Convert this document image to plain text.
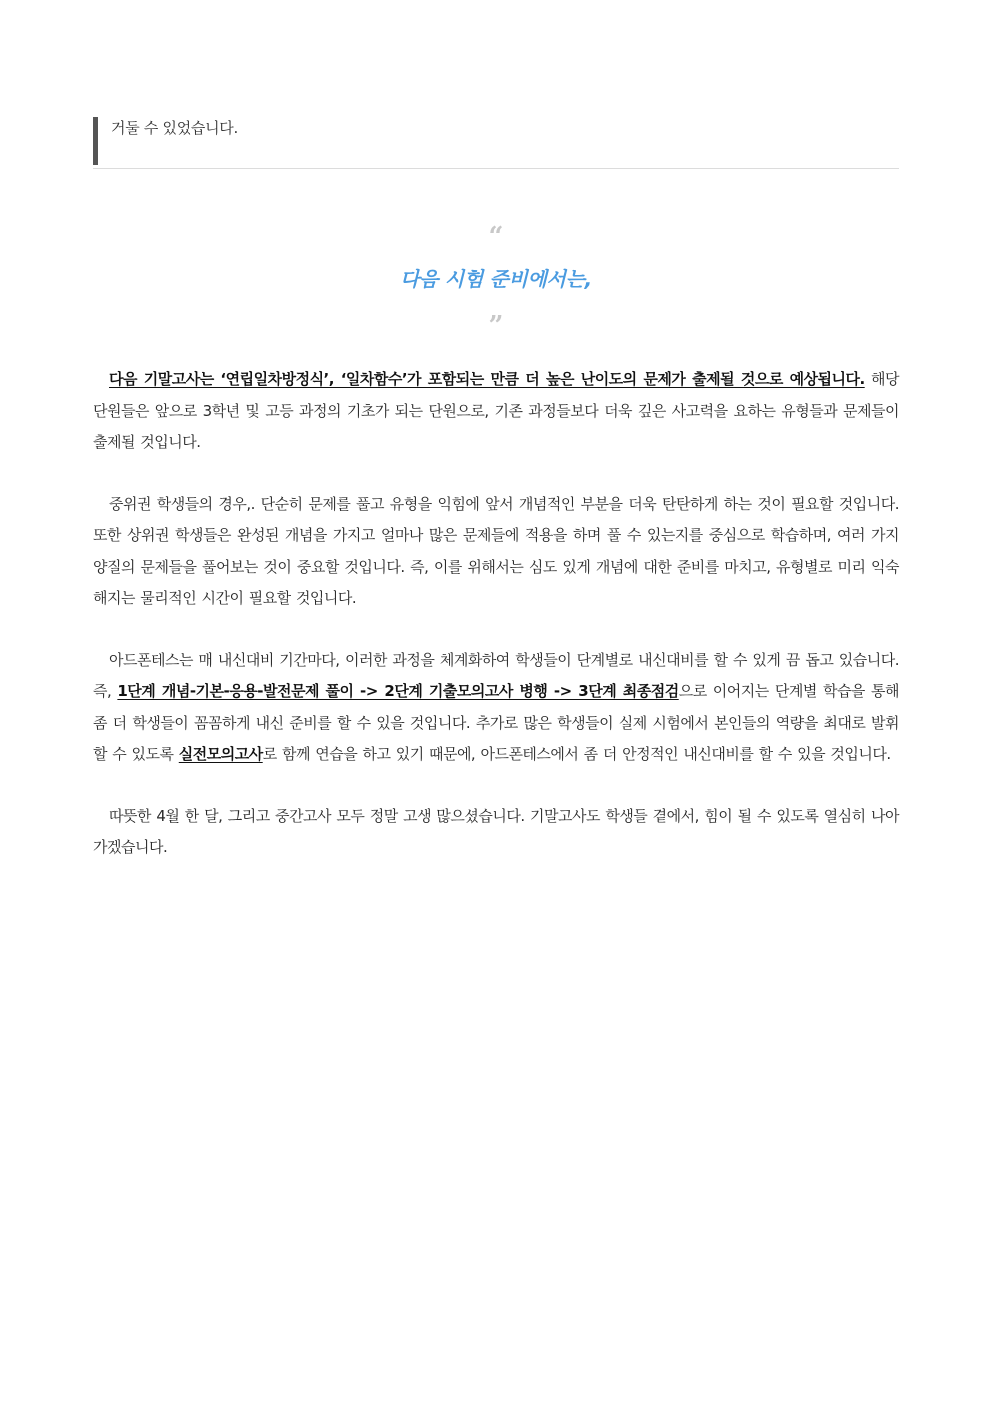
거둘 수 있었습니다.
“
다음 시험 준비에서는,
”

다음 기말고사는 ‘연립일차방정식’, ‘일차함수’가 포함되는 만큼 더 높은 난이도의 문제가 출제될 것으로 예상됩니다. 해당 단원들은 앞으로 3학년 및 고등 과정의 기초가 되는 단원으로, 기존 과정들보다 더욱 깊은 사고력을 요하는 유형들과 문제들이 출제될 것입니다.

중위권 학생들의 경우,. 단순히 문제를 풀고 유형을 익힘에 앞서 개념적인 부분을 더욱 탄탄하게 하는 것이 필요할 것입니다. 또한 상위권 학생들은 완성된 개념을 가지고 얼마나 많은 문제들에 적용을 하며 풀 수 있는지를 중심으로 학습하며, 여러 가지 양질의 문제들을 풀어보는 것이 중요할 것입니다. 즉, 이를 위해서는 심도 있게 개념에 대한 준비를 마치고, 유형별로 미리 익숙해지는 물리적인 시간이 필요할 것입니다.

아드폰테스는 매 내신대비 기간마다, 이러한 과정을 체계화하여 학생들이 단계별로 내신대비를 할 수 있게 끔 돕고 있습니다. 즉, 1단계 개념-기본-응용-발전문제 풀이 -> 2단계 기출모의고사 병행 -> 3단계 최종점검으로 이어지는 단계별 학습을 통해 좀 더 학생들이 꼼꼼하게 내신 준비를 할 수 있을 것입니다. 추가로 많은 학생들이 실제 시험에서 본인들의 역량을 최대로 발휘할 수 있도록 실전모의고사로 함께 연습을 하고 있기 때문에, 아드폰테스에서 좀 더 안정적인 내신대비를 할 수 있을 것입니다.

따뜻한 4월 한 달, 그리고 중간고사 모두 정말 고생 많으셨습니다. 기말고사도 학생들 곁에서, 힘이 될 수 있도록 열심히 나아가겠습니다.
